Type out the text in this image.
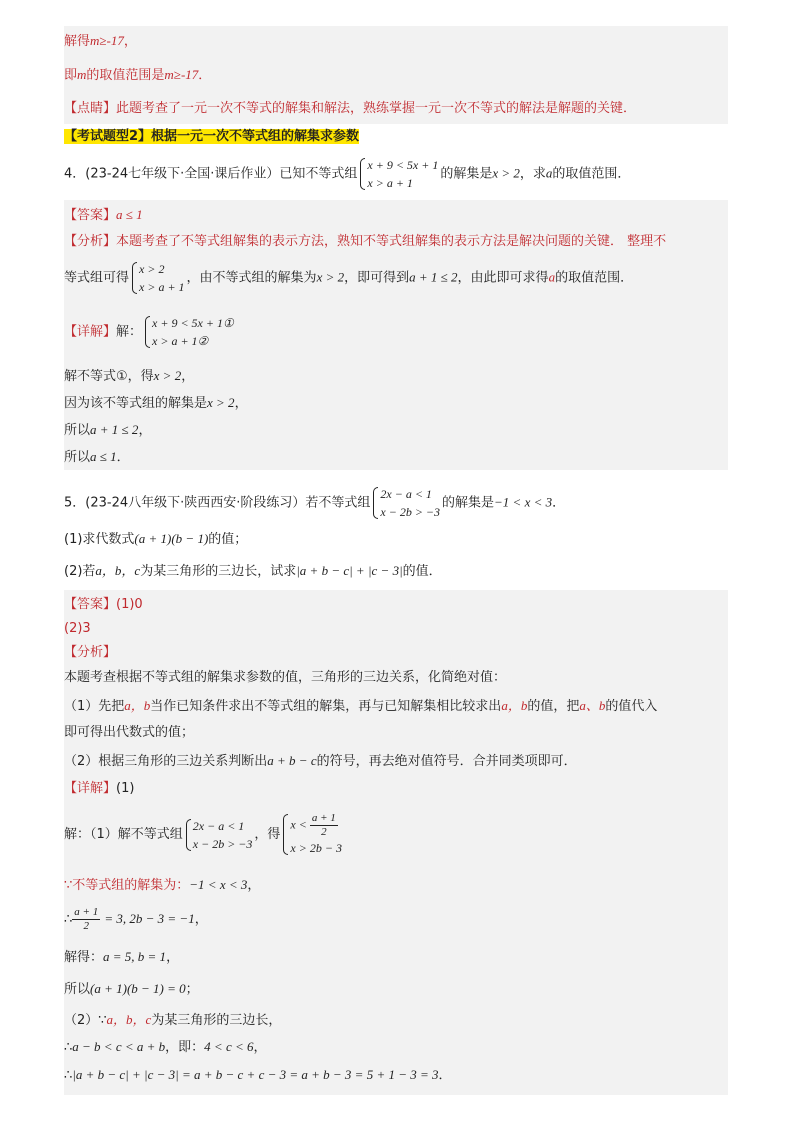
解得m≥-17，
即m的取值范围是m≥-17．
【点睛】此题考查了一元一次不等式的解集和解法，熟练掌握一元一次不等式的解法是解题的关键．
【考试题型2】根据一元一次不等式组的解集求参数
4．(23-24七年级下·全国·课后作业）已知不等式组
x + 9 < 5x + 1
x > a + 1
的解集是x > 2，求a的取值范围．
【答案】a ≤ 1
【分析】本题考查了不等式组解集的表示方法，熟知不等式组解集的表示方法是解决问题的关键． 整理不
等式组可得
x > 2
x > a + 1
，由不等式组的解集为x > 2，即可得到a + 1 ≤ 2，由此即可求得a的取值范围．
【详解】解：
x + 9 < 5x + 1①
x > a + 1②
解不等式①，得x > 2，
因为该不等式组的解集是x > 2，
所以a + 1 ≤ 2，
所以a ≤ 1．
5．(23-24八年级下·陕西西安·阶段练习）若不等式组
2x − a < 1
x − 2b > −3
的解集是−1 < x < 3．
(1)求代数式(a + 1)(b − 1)的值；
(2)若a，b，c为某三角形的三边长，试求|a + b − c| + |c − 3|的值．
【答案】(1)0
(2)3
【分析】
本题考查根据不等式组的解集求参数的值，三角形的三边关系，化简绝对值：
（1）先把a，b当作已知条件求出不等式组的解集，再与已知解集相比较求出a，b的值，把a、b的值代入
即可得出代数式的值；
（2）根据三角形的三边关系判断出a + b − c的符号，再去绝对值符号．合并同类项即可．
【详解】(1)
解：（1）解不等式组
2x − a < 1
x − 2b > −3
，得
$x < \frac{a + 1}{2}$
x > 2b − 3
∵不等式组的解集为：−1 < x < 3，
∴ $\frac{a + 1}{2} = 3$, 2b − 3 = −1，
解得：a = 5, b = 1，
所以(a + 1)(b − 1) = 0；
（2）∵a，b，c为某三角形的三边长，
∴a − b < c < a + b，即：4 < c < 6，
∴|a + b − c| + |c − 3| = a + b − c + c − 3 = a + b − 3 = 5 + 1 − 3 = 3．
